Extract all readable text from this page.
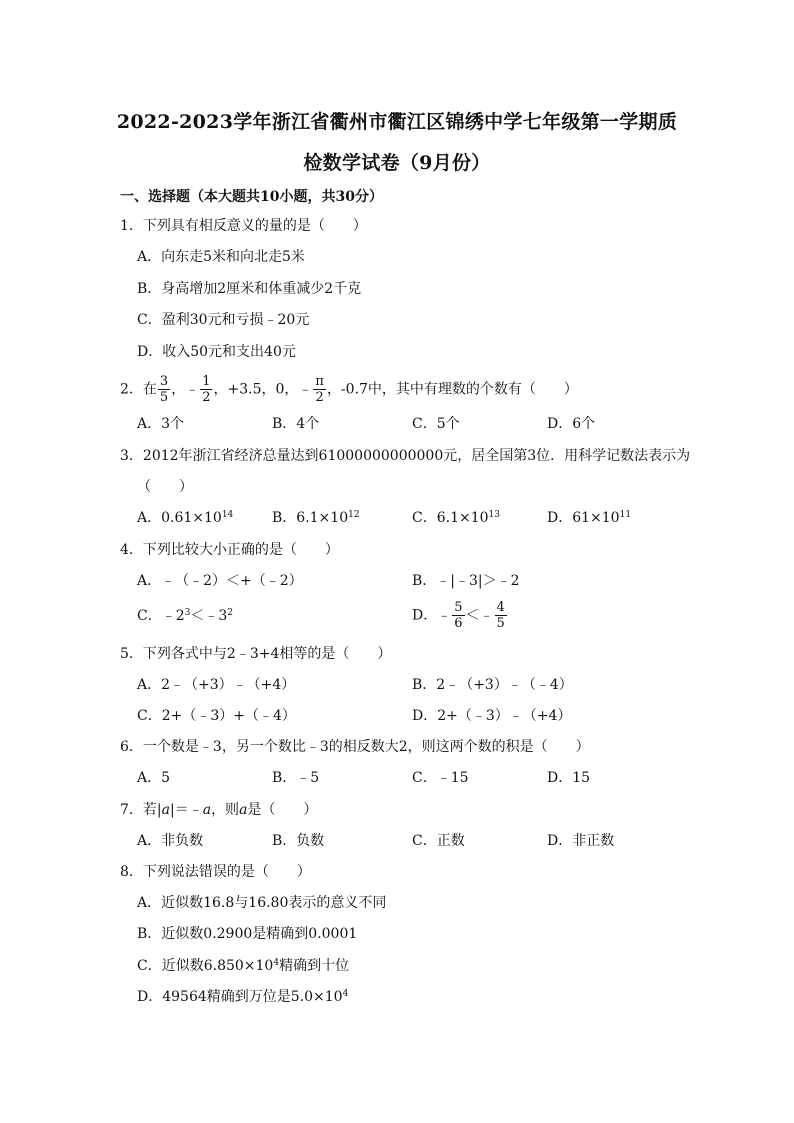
2022-2023学年浙江省衢州市衢江区锦绣中学七年级第一学期质
检数学试卷（9月份）
一、选择题（本大题共10小题，共30分）
1．下列具有相反意义的量的是（　　）
A．向东走5米和向北走5米
B．身高增加2厘米和体重减少2千克
C．盈利30元和亏损﹣20元
D．收入50元和支出40元
2．在 $\frac{3}{5}$ ，﹣ $\frac{1}{2}$ ，+3.5，0，﹣ $\frac{\pi}{2}$ ，-0.7中，其中有理数的个数有（　　）
A．3个	B．4个	C．5个	D．6个
3．2012年浙江省经济总量达到61000000000000元，居全国第3位．用科学记数法表示为
（　　）
A．$0.61\times 10^{14}$	B．$6.1\times 10^{12}$	C．$6.1\times 10^{13}$	D．$61\times 10^{11}$
4．下列比较大小正确的是（　　）
A．﹣（﹣2）＜+（﹣2）	B．﹣|﹣3|＞﹣2
C．$﹣2^3<﹣3^2$	D．﹣ $\frac{5}{6}$ ＜﹣ $\frac{4}{5}$
5．下列各式中与2﹣3+4相等的是（　　）
A．2﹣（+3）﹣（+4）	B．2﹣（+3）﹣（﹣4）
C．2+（﹣3）+（﹣4）	D．2+（﹣3）﹣（+4）
6．一个数是﹣3，另一个数比﹣3的相反数大2，则这两个数的积是（　　）
A．5	B．﹣5	C．﹣15	D．15
7．若|a|＝﹣a，则a是（　　）
A．非负数	B．负数	C．正数	D．非正数
8．下列说法错误的是（　　）
A．近似数16.8与16.80表示的意义不同
B．近似数0.2900是精确到0.0001
C．近似数$6.850\times 10^4$精确到十位
D．49564精确到万位是$5.0\times 10^4$
